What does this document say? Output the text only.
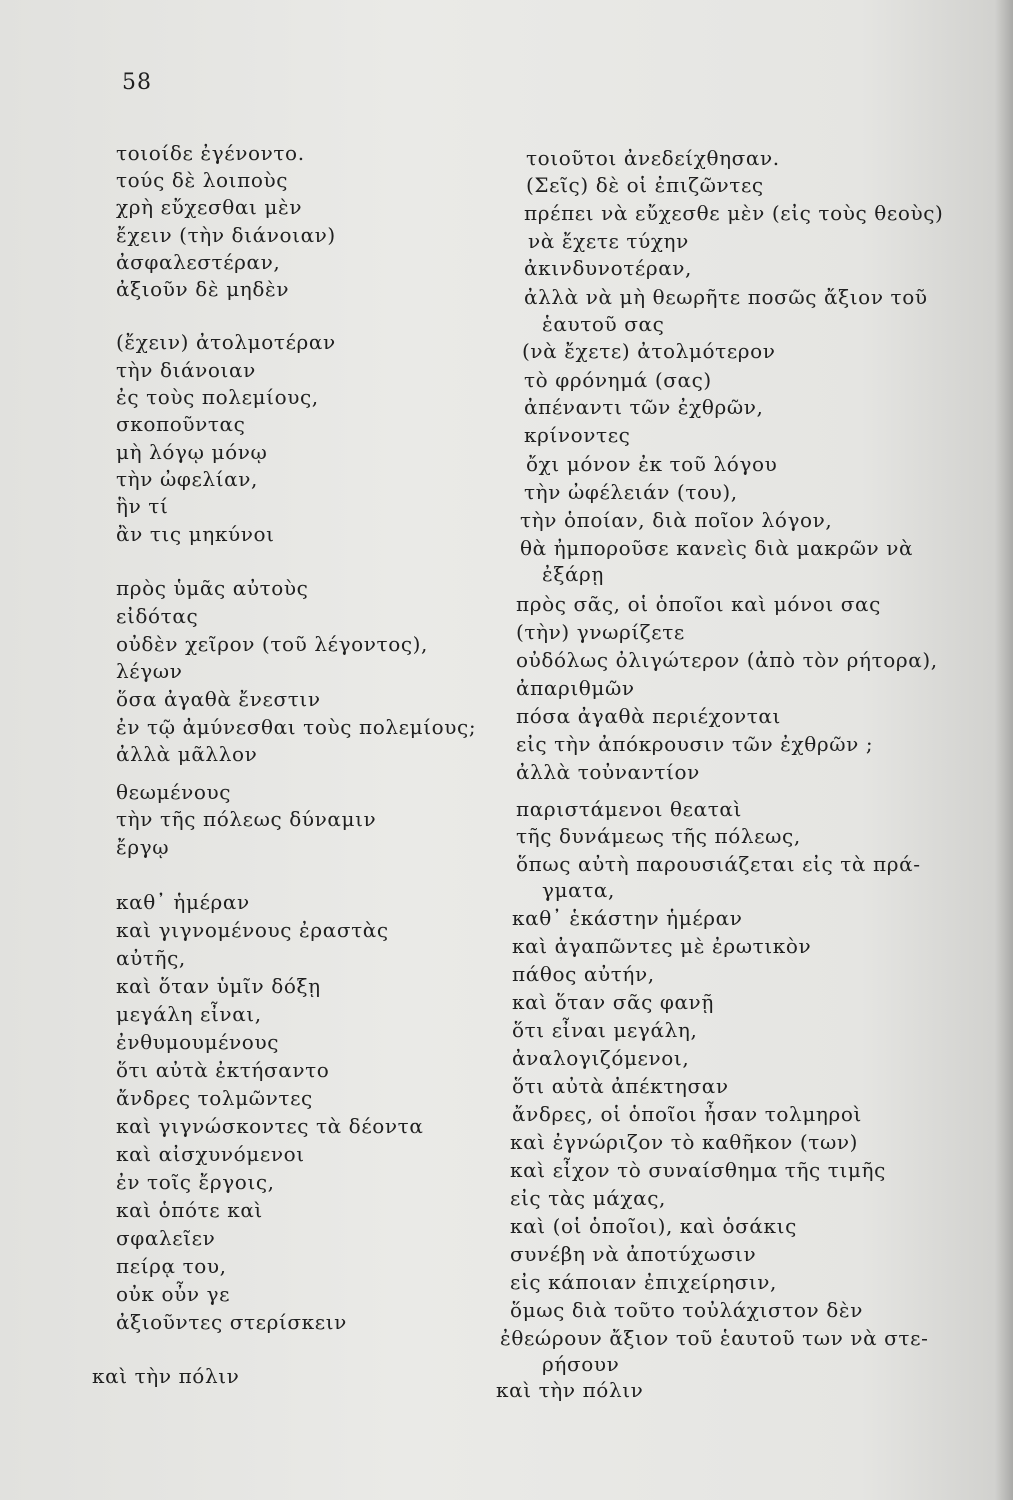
58
τοιοίδε ἐγένοντο.
τούς δὲ λοιποὺς
χρὴ εὔχεσθαι μὲν
ἔχειν (τὴν διάνοιαν)
ἀσφαλεστέραν,
ἀξιοῦν δὲ μηδὲν
(ἔχειν) ἀτολμοτέραν
τὴν διάνοιαν
ἐς τοὺς πολεμίους,
σκοποῦντας
μὴ λόγῳ μόνῳ
τὴν ὠφελίαν,
ἣν τί
ἂν τις μηκύνοι
πρὸς ὑμᾶς αὐτοὺς
εἰδότας
οὐδὲν χεῖρον (τοῦ λέγοντος),
λέγων
ὅσα ἀγαθὰ ἔνεστιν
ἐν τῷ ἀμύνεσθαι τοὺς πολεμίους;
ἀλλὰ μᾶλλον
θεωμένους
τὴν τῆς πόλεως δύναμιν
ἔργῳ
καθ᾽ ἡμέραν
καὶ γιγνομένους ἐραστὰς
αὐτῆς,
καὶ ὅταν ὑμῖν δόξῃ
μεγάλη εἶναι,
ἐνθυμουμένους
ὅτι αὐτὰ ἐκτήσαντο
ἄνδρες τολμῶντες
καὶ γιγνώσκοντες τὰ δέοντα
καὶ αἰσχυνόμενοι
ἐν τοῖς ἔργοις,
καὶ ὁπότε καὶ
σφαλεῖεν
πείρᾳ του,
οὐκ οὖν γε
ἀξιοῦντες στερίσκειν
καὶ τὴν πόλιν
τοιοῦτοι ἀνεδείχθησαν.
(Σεῖς) δὲ οἱ ἐπιζῶντες
πρέπει νὰ εὔχεσθε μὲν (εἰς τοὺς θεοὺς)
νὰ ἔχετε τύχην
ἀκινδυνοτέραν,
ἀλλὰ νὰ μὴ θεωρῆτε ποσῶς ἄξιον τοῦ
ἑαυτοῦ σας
(νὰ ἔχετε) ἀτολμότερον
τὸ φρόνημά (σας)
ἀπέναντι τῶν ἐχθρῶν,
κρίνοντες
ὄχι μόνον ἐκ τοῦ λόγου
τὴν ὠφέλειάν (του),
τὴν ὁποίαν, διὰ ποῖον λόγον,
θὰ ἠμποροῦσε κανεὶς διὰ μακρῶν νὰ
ἐξάρῃ
πρὸς σᾶς, οἱ ὁποῖοι καὶ μόνοι σας
(τὴν) γνωρίζετε
οὐδόλως ὀλιγώτερον (ἀπὸ τὸν ρήτορα),
ἀπαριθμῶν
πόσα ἀγαθὰ περιέχονται
εἰς τὴν ἀπόκρουσιν τῶν ἐχθρῶν ;
ἀλλὰ τοὐναντίον
παριστάμενοι θεαταὶ
τῆς δυνάμεως τῆς πόλεως,
ὅπως αὐτὴ παρουσιάζεται εἰς τὰ πρά-
γματα,
καθ᾽ ἑκάστην ἡμέραν
καὶ ἀγαπῶντες μὲ ἐρωτικὸν
πάθος αὐτήν,
καὶ ὅταν σᾶς φανῇ
ὅτι εἶναι μεγάλη,
ἀναλογιζόμενοι,
ὅτι αὐτὰ ἀπέκτησαν
ἄνδρες, οἱ ὁποῖοι ἦσαν τολμηροὶ
καὶ ἐγνώριζον τὸ καθῆκον (των)
καὶ εἶχον τὸ συναίσθημα τῆς τιμῆς
εἰς τὰς μάχας,
καὶ (οἱ ὁποῖοι), καὶ ὁσάκις
συνέβη νὰ ἀποτύχωσιν
εἰς κάποιαν ἐπιχείρησιν,
ὅμως διὰ τοῦτο τοὐλάχιστον δὲν
ἐθεώρουν ἄξιον τοῦ ἑαυτοῦ των νὰ στε-
ρήσουν
καὶ τὴν πόλιν
